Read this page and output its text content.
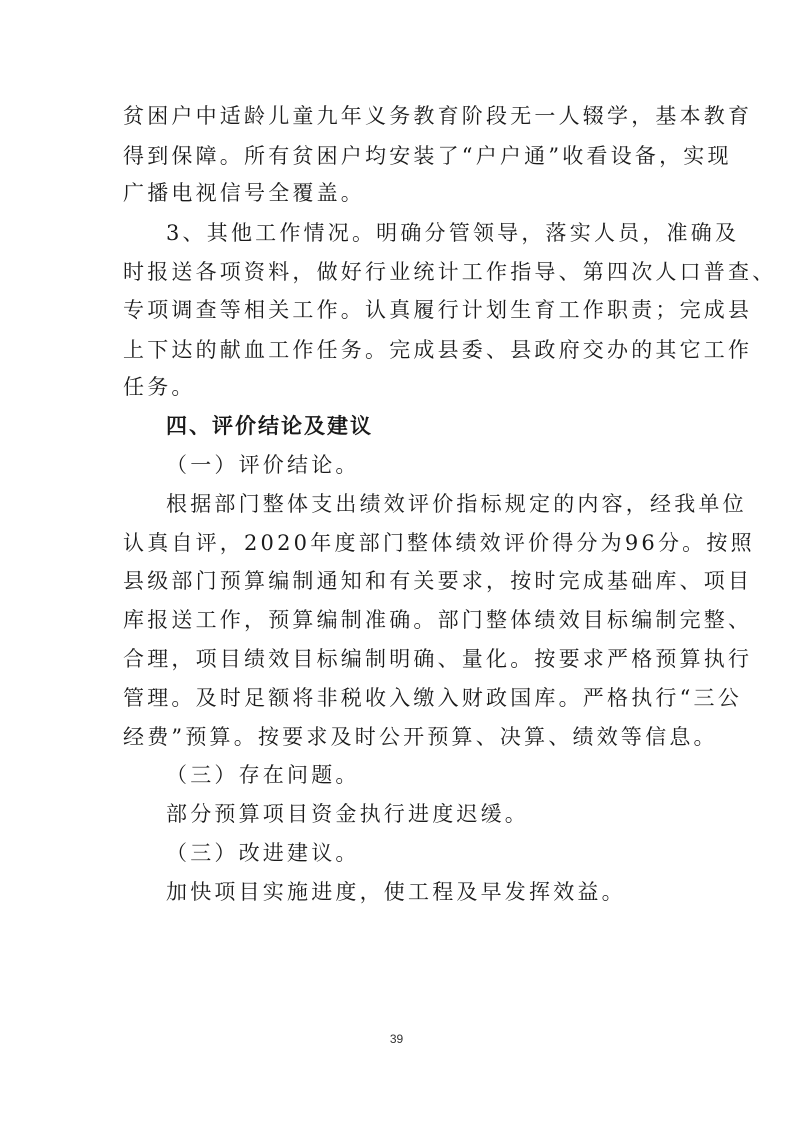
贫困户中适龄儿童九年义务教育阶段无一人辍学，基本教育
得到保障。所有贫困户均安装了“户户通”收看设备，实现
广播电视信号全覆盖。
3、其他工作情况。明确分管领导，落实人员，准确及
时报送各项资料，做好行业统计工作指导、第四次人口普查、
专项调查等相关工作。认真履行计划生育工作职责；完成县
上下达的献血工作任务。完成县委、县政府交办的其它工作
任务。
四、评价结论及建议
（一）评价结论。
根据部门整体支出绩效评价指标规定的内容，经我单位
认真自评，2020年度部门整体绩效评价得分为96分。按照
县级部门预算编制通知和有关要求，按时完成基础库、项目
库报送工作，预算编制准确。部门整体绩效目标编制完整、
合理，项目绩效目标编制明确、量化。按要求严格预算执行
管理。及时足额将非税收入缴入财政国库。严格执行“三公
经费”预算。按要求及时公开预算、决算、绩效等信息。
（三）存在问题。
部分预算项目资金执行进度迟缓。
（三）改进建议。
加快项目实施进度，使工程及早发挥效益。
39
